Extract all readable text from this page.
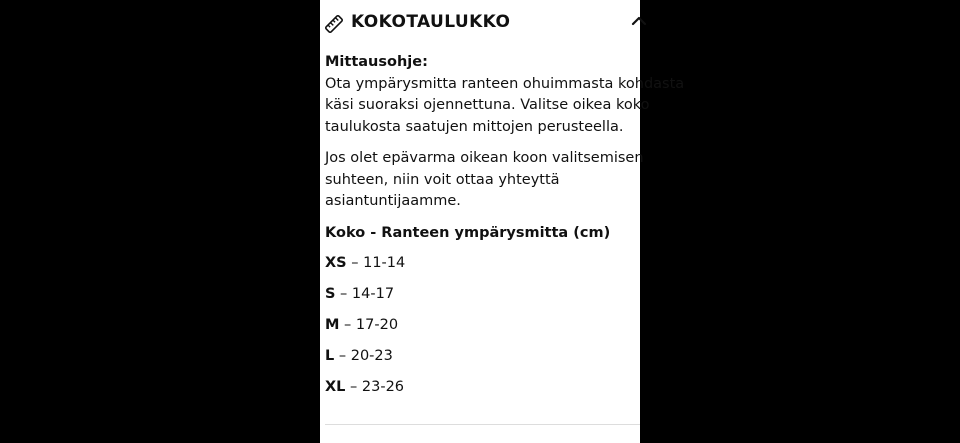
KOKOTAULUKKO

Mittausohje:

Ota ympärysmitta ranteen ohuimmasta kohdasta

käsi suoraksi ojennettuna. Valitse oikea koko

taulukosta saatujen mittojen perusteella.

Jos olet epävarma oikean koon valitsemisen

suhteen, niin voit ottaa yhteyttä

asiantuntijaamme.

Koko - Ranteen ympärysmitta (cm)

XS – 11-14
S – 14-17
M – 17-20
L – 20-23
XL – 23-26
